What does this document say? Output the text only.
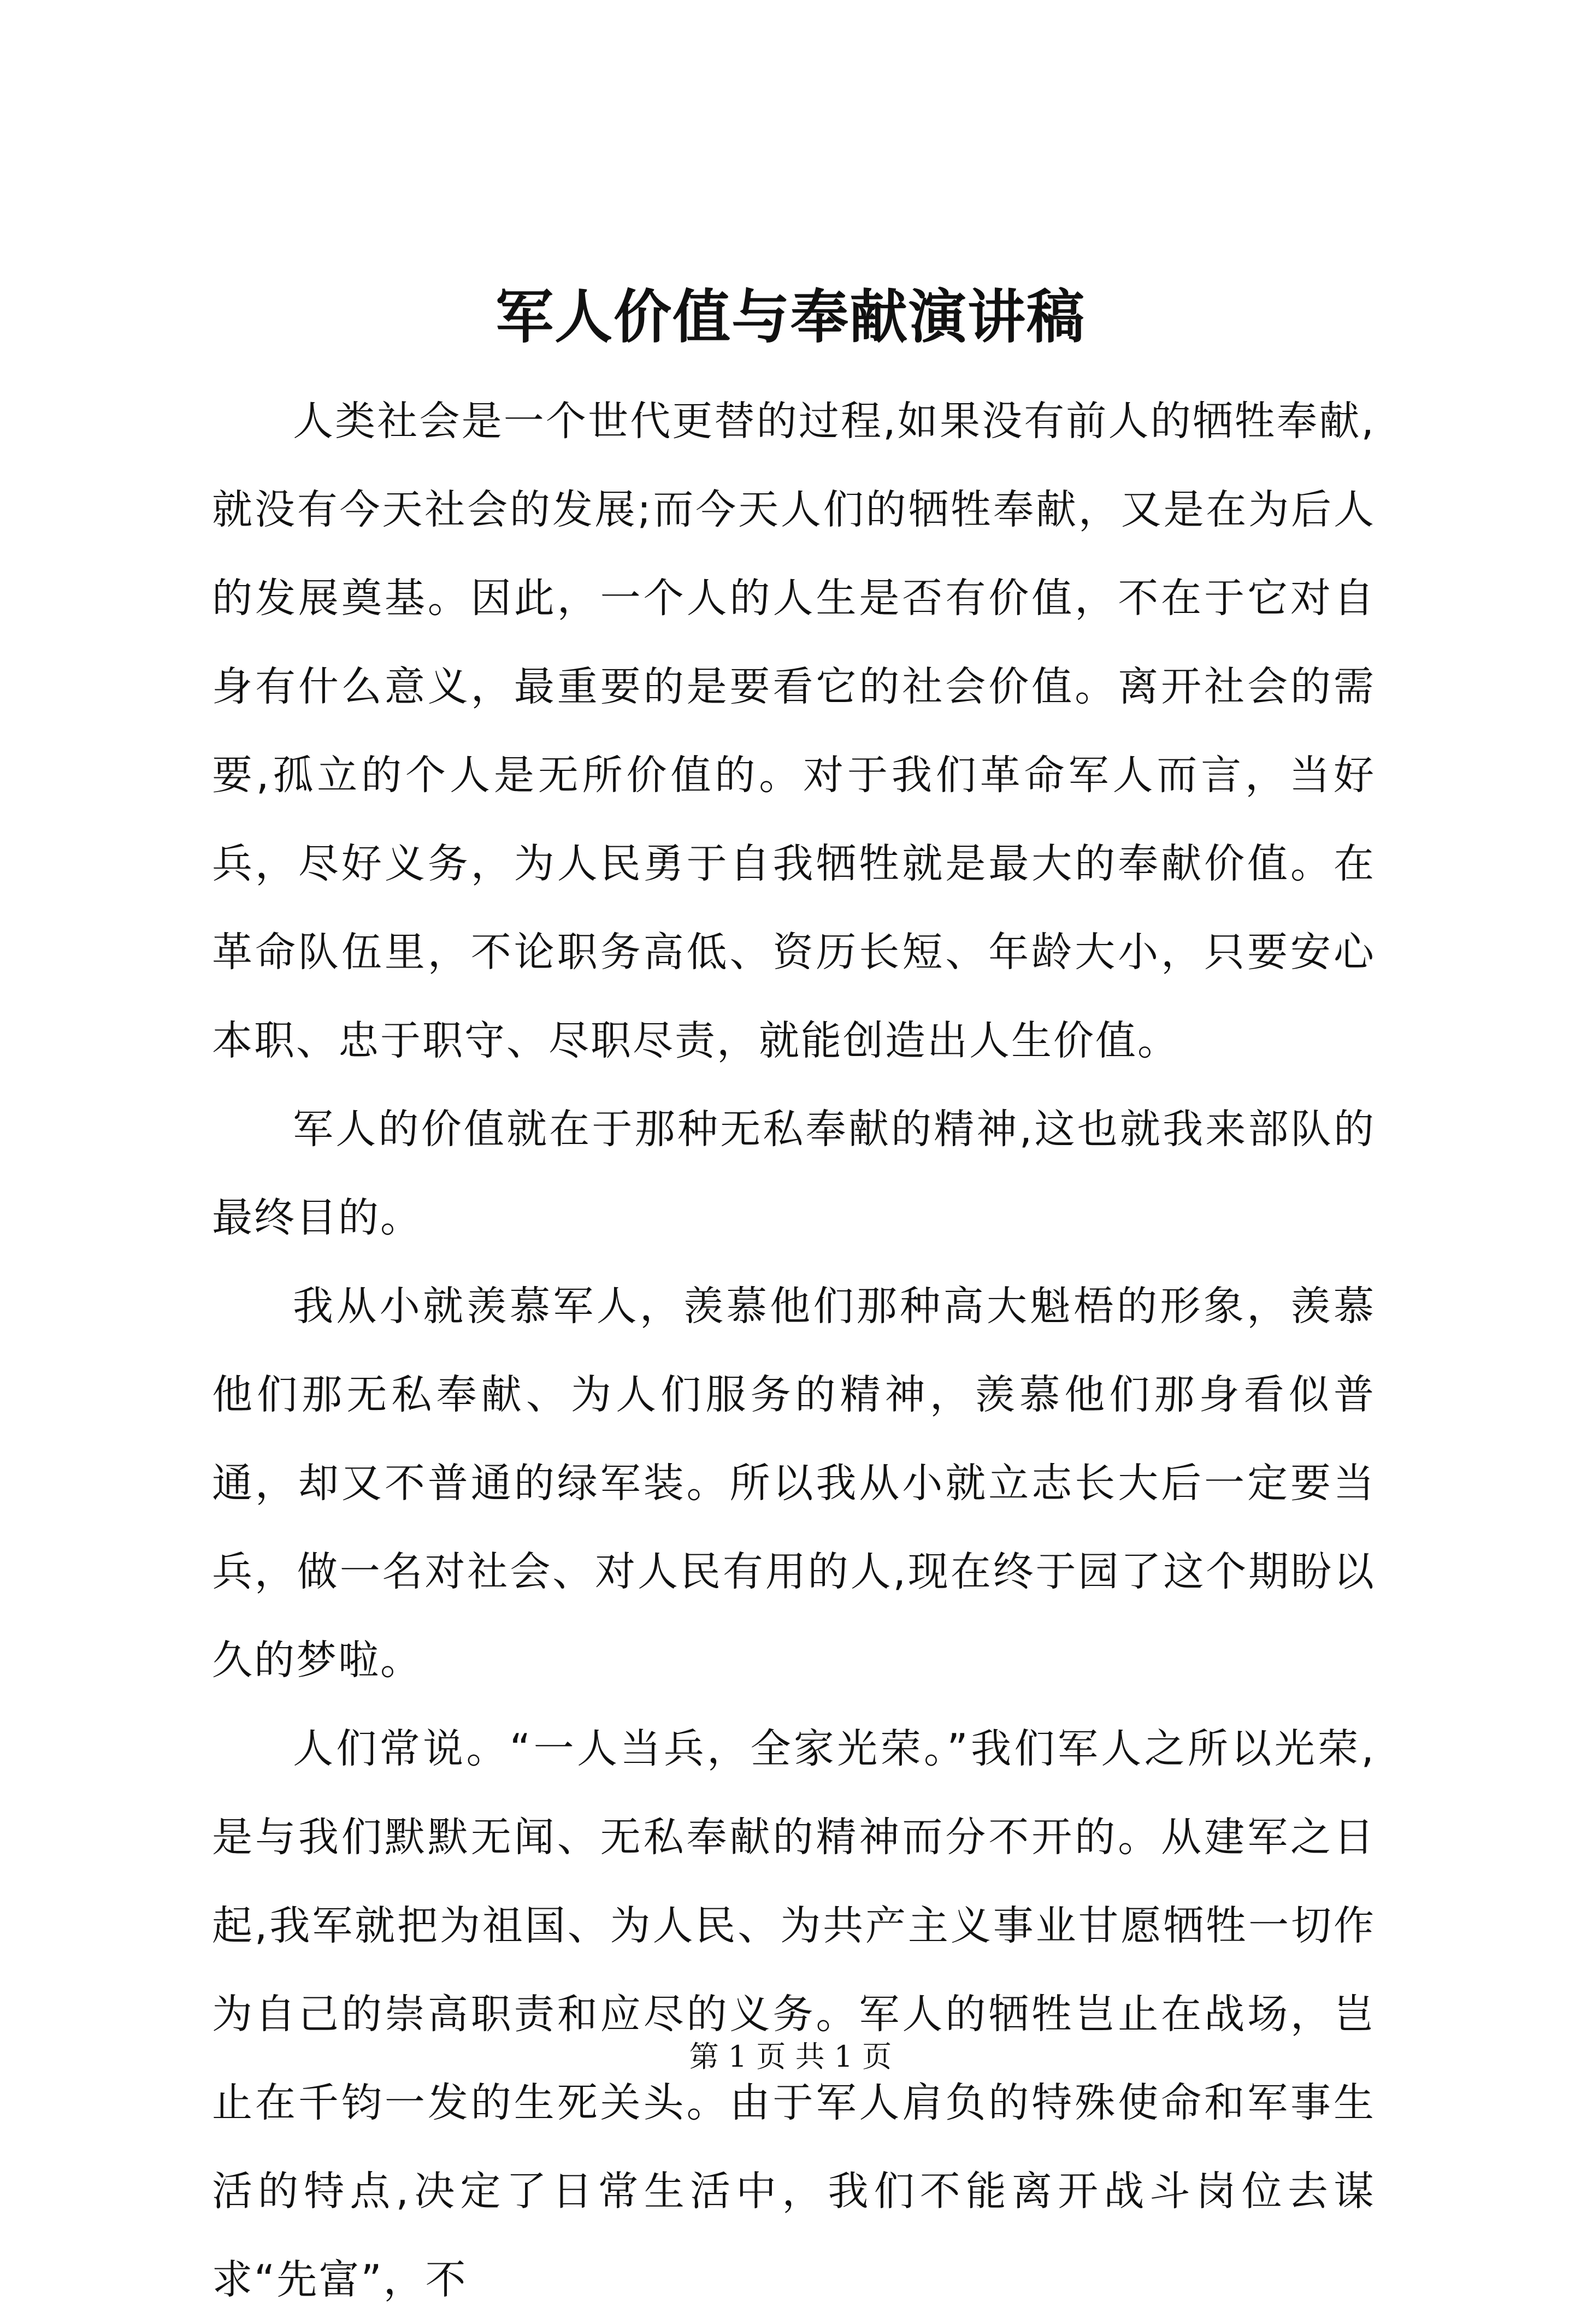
军人价值与奉献演讲稿

人类社会是一个世代更替的过程,如果没有前人的牺牲奉献,就没有今天社会的发展;而今天人们的牺牲奉献，又是在为后人的发展奠基。因此，一个人的人生是否有价值，不在于它对自身有什么意义，最重要的是要看它的社会价值。离开社会的需要,孤立的个人是无所价值的。对于我们革命军人而言，当好兵，尽好义务，为人民勇于自我牺牲就是最大的奉献价值。在革命队伍里，不论职务高低、资历长短、年龄大小，只要安心本职、忠于职守、尽职尽责，就能创造出人生价值。

军人的价值就在于那种无私奉献的精神,这也就我来部队的最终目的。

我从小就羡慕军人，羡慕他们那种高大魁梧的形象，羡慕他们那无私奉献、为人们服务的精神，羡慕他们那身看似普通，却又不普通的绿军装。所以我从小就立志长大后一定要当兵，做一名对社会、对人民有用的人,现在终于园了这个期盼以久的梦啦。

人们常说。“一人当兵，全家光荣。”我们军人之所以光荣,是与我们默默无闻、无私奉献的精神而分不开的。从建军之日起,我军就把为祖国、为人民、为共产主义事业甘愿牺牲一切作为自己的崇高职责和应尽的义务。军人的牺牲岂止在战场，岂止在千钧一发的生死关头。由于军人肩负的特殊使命和军事生活的特点,决定了日常生活中，我们不能离开战斗岗位去谋求“先富”，不

第 1 页 共 1 页
